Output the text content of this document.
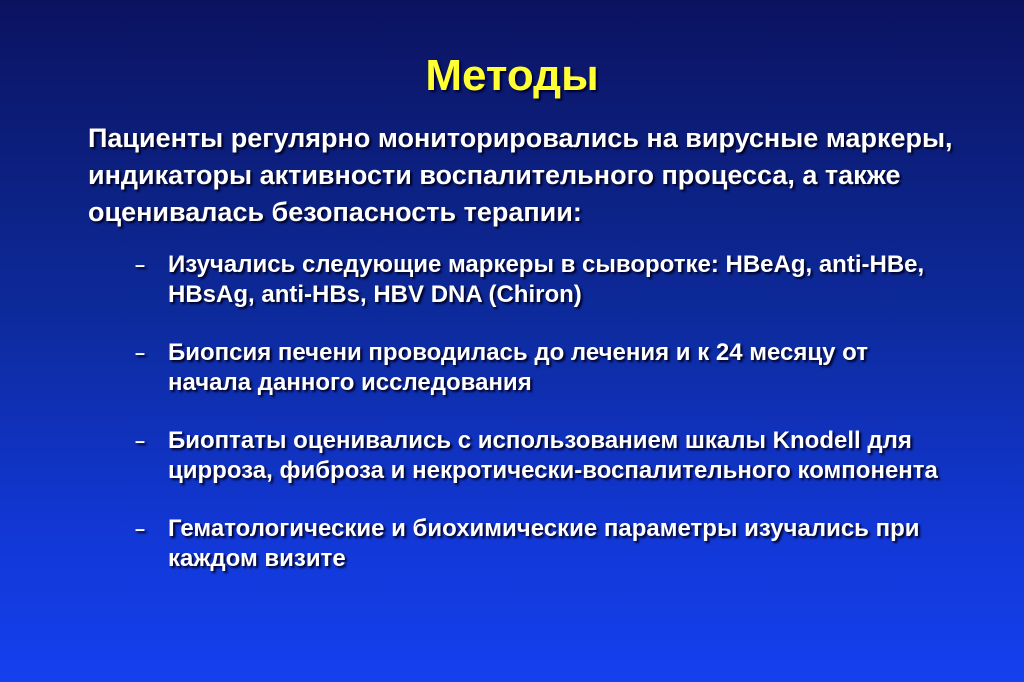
Методы
Пациенты регулярно мониторировались на вирусные маркеры, индикаторы активности воспалительного процесса, а также оценивалась безопасность терапии:
– Изучались следующие маркеры в сыворотке: HBeAg, anti-HBe, HBsAg, anti-HBs, HBV DNA (Chiron)
– Биопсия печени проводилась до лечения и к 24 месяцу от начала данного исследования
– Биоптаты оценивались с использованием шкалы Knodell для цирроза, фиброза и некротически-воспалительного компонента
– Гематологические и биохимические параметры изучались при каждом визите
